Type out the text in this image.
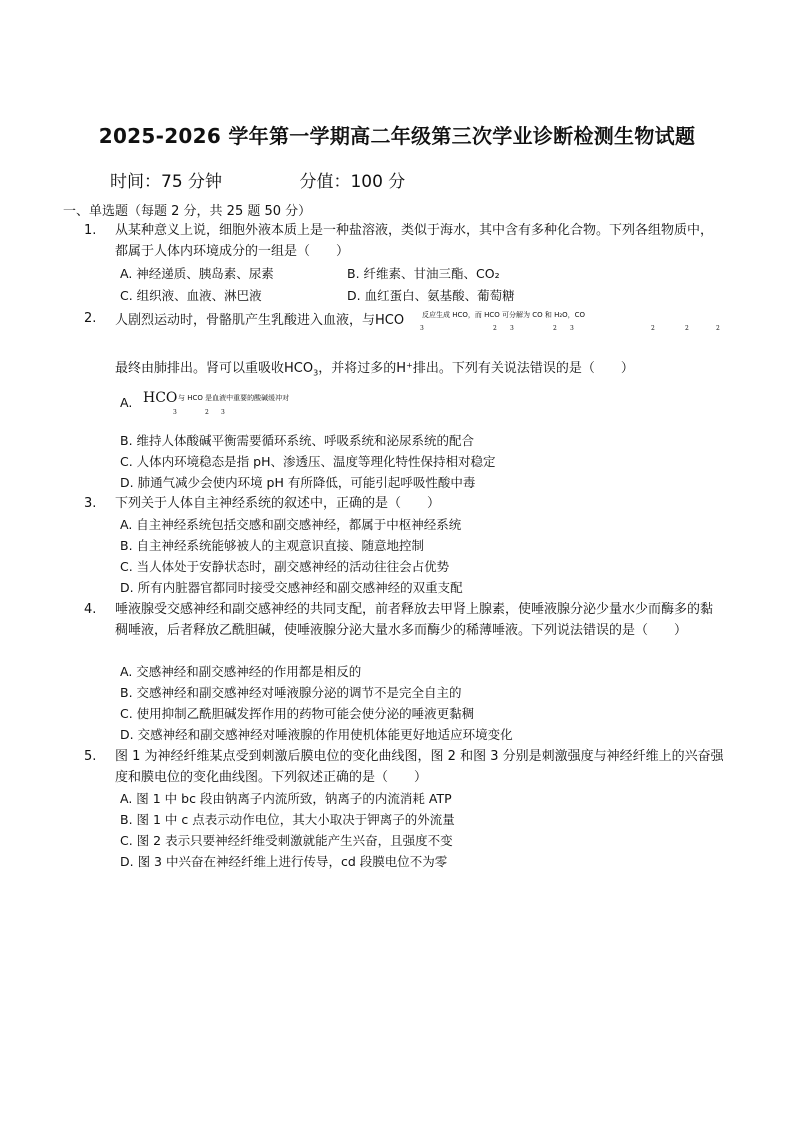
2025-2026 学年第一学期高二年级第三次学业诊断检测生物试题
时间：75 分钟	分值：100 分
一、单选题（每题 2 分，共 25 题 50 分）
1. 从某种意义上说，细胞外液本质上是一种盐溶液，类似于海水，其中含有多种化合物。下列各组物质中，都属于人体内环境成分的一组是（　　）
A. 神经递质、胰岛素、尿素	B. 纤维素、甘油三酯、CO₂
C. 组织液、血液、淋巴液	D. 血红蛋白、氨基酸、葡萄糖
2. 人剧烈运动时，骨骼肌产生乳酸进入血液，与HCO	反应生成 HCO，而 HCO 可分解为 CO 和 H₂O，CO
3	2 3	2 3	2	2	2
最终由肺排出。肾可以重吸收$HCO_3$，并将过多的H⁺排出。下列有关说法错误的是（　　）
A. HCO 与 HCO 是血液中重要的酸碱缓冲对
3	2 3
B. 维持人体酸碱平衡需要循环系统、呼吸系统和泌尿系统的配合
C. 人体内环境稳态是指 pH、渗透压、温度等理化特性保持相对稳定
D. 肺通气减少会使内环境 pH 有所降低，可能引起呼吸性酸中毒
3. 下列关于人体自主神经系统的叙述中，正确的是（　　）
A. 自主神经系统包括交感和副交感神经，都属于中枢神经系统
B. 自主神经系统能够被人的主观意识直接、随意地控制
C. 当人体处于安静状态时，副交感神经的活动往往会占优势
D. 所有内脏器官都同时接受交感神经和副交感神经的双重支配
4. 唾液腺受交感神经和副交感神经的共同支配，前者释放去甲肾上腺素，使唾液腺分泌少量水少而酶多的黏稠唾液，后者释放乙酰胆碱，使唾液腺分泌大量水多而酶少的稀薄唾液。下列说法错误的是（　　）
A. 交感神经和副交感神经的作用都是相反的
B. 交感神经和副交感神经对唾液腺分泌的调节不是完全自主的
C. 使用抑制乙酰胆碱发挥作用的药物可能会使分泌的唾液更黏稠
D. 交感神经和副交感神经对唾液腺的作用使机体能更好地适应环境变化
5. 图 1 为神经纤维某点受到刺激后膜电位的变化曲线图，图 2 和图 3 分别是刺激强度与神经纤维上的兴奋强度和膜电位的变化曲线图。下列叙述正确的是（　　）
A. 图 1 中 bc 段由钠离子内流所致，钠离子的内流消耗 ATP
B. 图 1 中 c 点表示动作电位，其大小取决于钾离子的外流量
C. 图 2 表示只要神经纤维受刺激就能产生兴奋，且强度不变
D. 图 3 中兴奋在神经纤维上进行传导，cd 段膜电位不为零
